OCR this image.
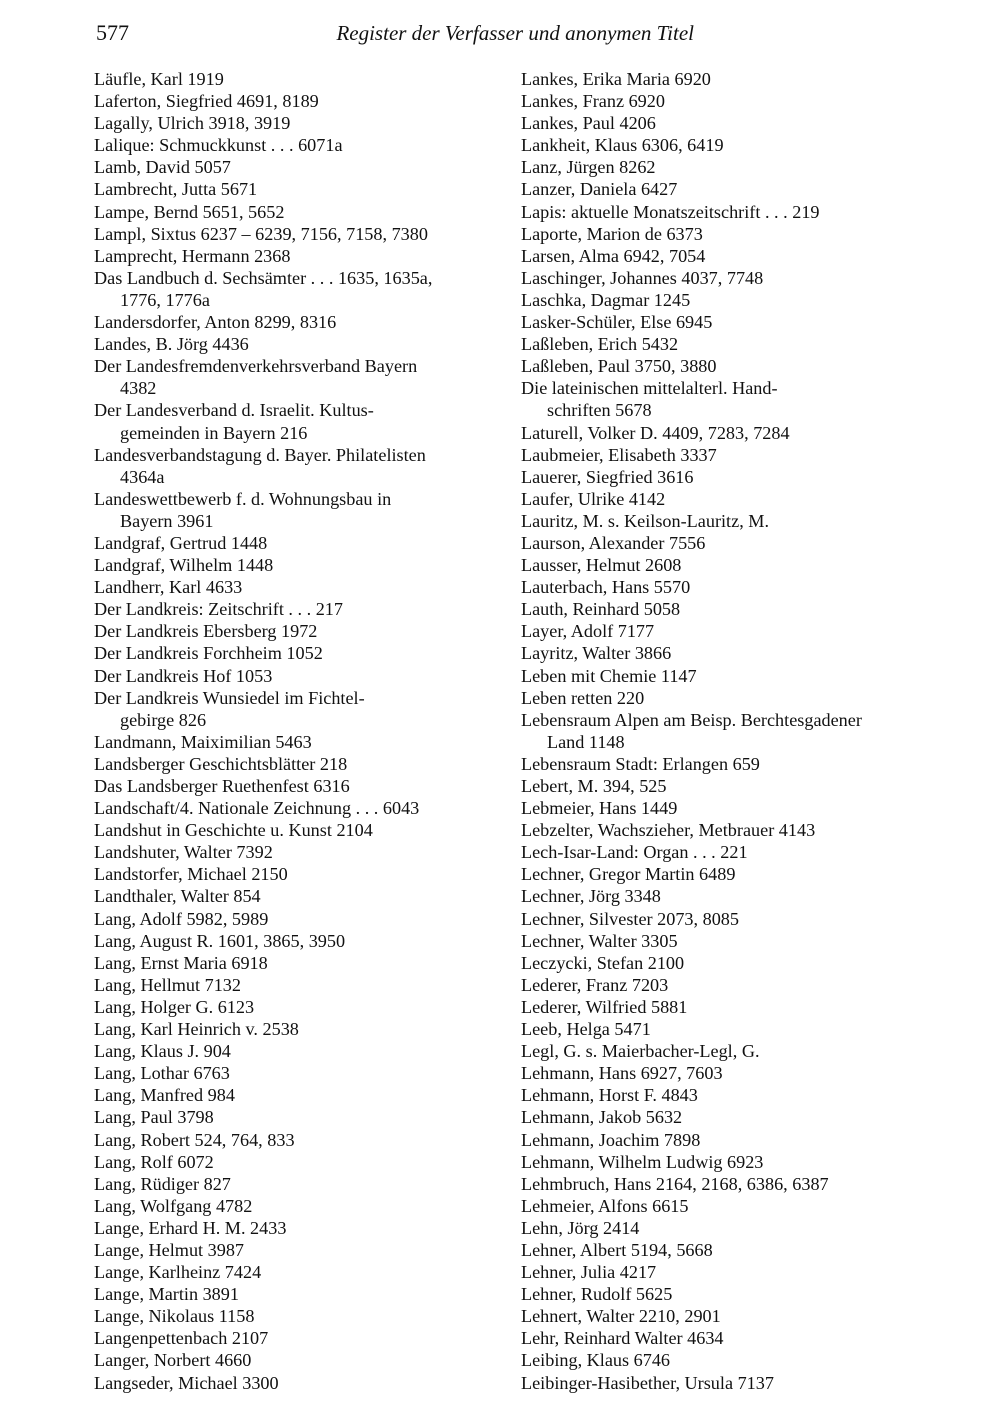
577	Register der Verfasser und anonymen Titel
Läufle, Karl 1919
Laferton, Siegfried 4691, 8189
Lagally, Ulrich 3918, 3919
Lalique: Schmuckkunst . . . 6071a
Lamb, David 5057
Lambrecht, Jutta 5671
Lampe, Bernd 5651, 5652
Lampl, Sixtus 6237 – 6239, 7156, 7158, 7380
Lamprecht, Hermann 2368
Das Landbuch d. Sechsämter . . . 1635, 1635a,
1776, 1776a
Landersdorfer, Anton 8299, 8316
Landes, B. Jörg 4436
Der Landesfremdenverkehrsverband Bayern
4382
Der Landesverband d. Israelit. Kultus-
gemeinden in Bayern 216
Landesverbandstagung d. Bayer. Philatelisten
4364a
Landeswettbewerb f. d. Wohnungsbau in
Bayern 3961
Landgraf, Gertrud 1448
Landgraf, Wilhelm 1448
Landherr, Karl 4633
Der Landkreis: Zeitschrift . . . 217
Der Landkreis Ebersberg 1972
Der Landkreis Forchheim 1052
Der Landkreis Hof 1053
Der Landkreis Wunsiedel im Fichtel-
gebirge 826
Landmann, Maiximilian 5463
Landsberger Geschichtsblätter 218
Das Landsberger Ruethenfest 6316
Landschaft/4. Nationale Zeichnung . . . 6043
Landshut in Geschichte u. Kunst 2104
Landshuter, Walter 7392
Landstorfer, Michael 2150
Landthaler, Walter 854
Lang, Adolf 5982, 5989
Lang, August R. 1601, 3865, 3950
Lang, Ernst Maria 6918
Lang, Hellmut 7132
Lang, Holger G. 6123
Lang, Karl Heinrich v. 2538
Lang, Klaus J. 904
Lang, Lothar 6763
Lang, Manfred 984
Lang, Paul 3798
Lang, Robert 524, 764, 833
Lang, Rolf 6072
Lang, Rüdiger 827
Lang, Wolfgang 4782
Lange, Erhard H. M. 2433
Lange, Helmut 3987
Lange, Karlheinz 7424
Lange, Martin 3891
Lange, Nikolaus 1158
Langenpettenbach 2107
Langer, Norbert 4660
Langseder, Michael 3300
Lankes, Erika Maria 6920
Lankes, Franz 6920
Lankes, Paul 4206
Lankheit, Klaus 6306, 6419
Lanz, Jürgen 8262
Lanzer, Daniela 6427
Lapis: aktuelle Monatszeitschrift . . . 219
Laporte, Marion de 6373
Larsen, Alma 6942, 7054
Laschinger, Johannes 4037, 7748
Laschka, Dagmar 1245
Lasker-Schüler, Else 6945
Laßleben, Erich 5432
Laßleben, Paul 3750, 3880
Die lateinischen mittelalterl. Hand-
schriften 5678
Laturell, Volker D. 4409, 7283, 7284
Laubmeier, Elisabeth 3337
Lauerer, Siegfried 3616
Laufer, Ulrike 4142
Lauritz, M. s. Keilson-Lauritz, M.
Laurson, Alexander 7556
Lausser, Helmut 2608
Lauterbach, Hans 5570
Lauth, Reinhard 5058
Layer, Adolf 7177
Layritz, Walter 3866
Leben mit Chemie 1147
Leben retten 220
Lebensraum Alpen am Beisp. Berchtesgadener
Land 1148
Lebensraum Stadt: Erlangen 659
Lebert, M. 394, 525
Lebmeier, Hans 1449
Lebzelter, Wachszieher, Metbrauer 4143
Lech-Isar-Land: Organ . . . 221
Lechner, Gregor Martin 6489
Lechner, Jörg 3348
Lechner, Silvester 2073, 8085
Lechner, Walter 3305
Leczycki, Stefan 2100
Lederer, Franz 7203
Lederer, Wilfried 5881
Leeb, Helga 5471
Legl, G. s. Maierbacher-Legl, G.
Lehmann, Hans 6927, 7603
Lehmann, Horst F. 4843
Lehmann, Jakob 5632
Lehmann, Joachim 7898
Lehmann, Wilhelm Ludwig 6923
Lehmbruch, Hans 2164, 2168, 6386, 6387
Lehmeier, Alfons 6615
Lehn, Jörg 2414
Lehner, Albert 5194, 5668
Lehner, Julia 4217
Lehner, Rudolf 5625
Lehnert, Walter 2210, 2901
Lehr, Reinhard Walter 4634
Leibing, Klaus 6746
Leibinger-Hasibether, Ursula 7137
